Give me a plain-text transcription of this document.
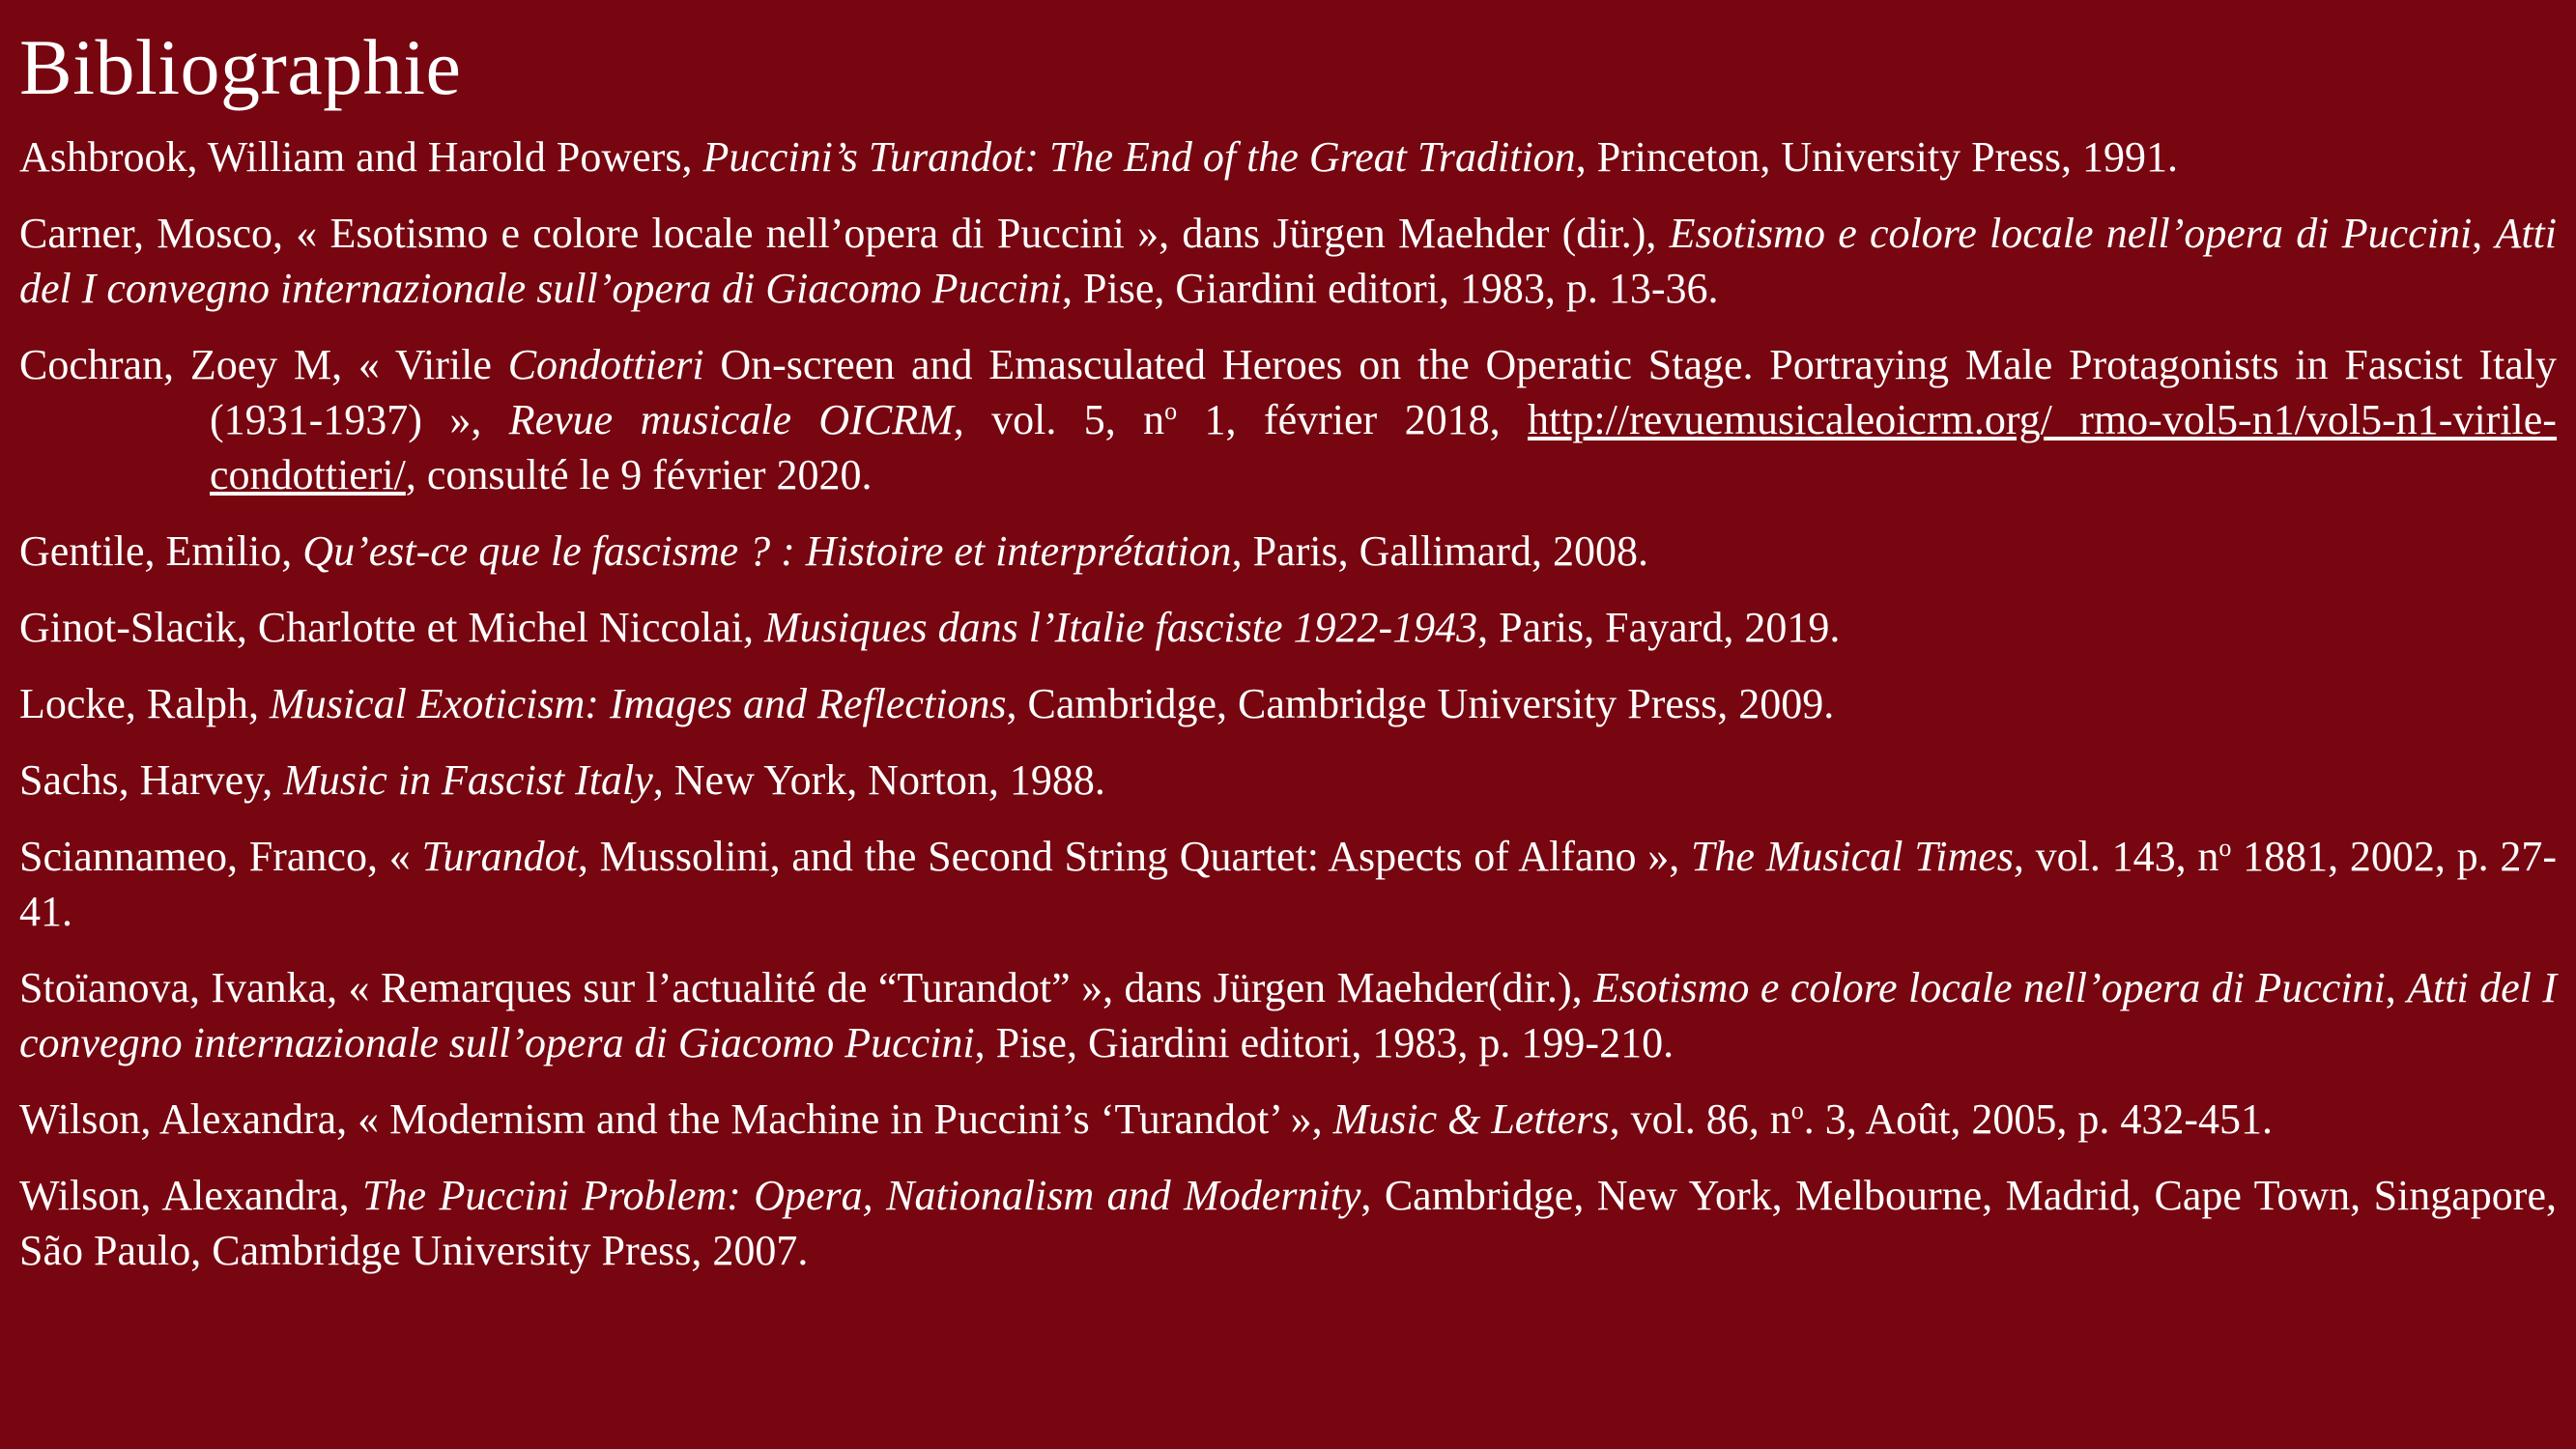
Bibliographie

Ashbrook, William and Harold Powers, Puccini’s Turandot: The End of the Great Tradition, Princeton, University Press, 1991.

Carner, Mosco, « Esotismo e colore locale nell’opera di Puccini », dans Jürgen Maehder (dir.), Esotismo e colore locale nell’opera di Puccini, Atti del I convegno internazionale sull’opera di Giacomo Puccini, Pise, Giardini editori, 1983, p. 13-36.

Cochran, Zoey M, « Virile Condottieri On-screen and Emasculated Heroes on the Operatic Stage. Portraying Male Protagonists in Fascist Italy (1931-1937) », Revue musicale OICRM, vol. 5, $n^o$ 1, février 2018, http://revuemusicaleoicrm.org/ rmo-vol5-n1/vol5-n1-virile-condottieri/, consulté le 9 février 2020.

Gentile, Emilio, Qu’est-ce que le fascisme ? : Histoire et interprétation, Paris, Gallimard, 2008.

Ginot-Slacik, Charlotte et Michel Niccolai, Musiques dans l’Italie fasciste 1922-1943, Paris, Fayard, 2019.

Locke, Ralph, Musical Exoticism: Images and Reflections, Cambridge, Cambridge University Press, 2009.

Sachs, Harvey, Music in Fascist Italy, New York, Norton, 1988.

Sciannameo, Franco, « Turandot, Mussolini, and the Second String Quartet: Aspects of Alfano », The Musical Times, vol. 143, $n^o$ 1881, 2002, p. 27-41.

Stoïanova, Ivanka, « Remarques sur l’actualité de “Turandot” », dans Jürgen Maehder(dir.), Esotismo e colore locale nell’opera di Puccini, Atti del I convegno internazionale sull’opera di Giacomo Puccini, Pise, Giardini editori, 1983, p. 199-210.

Wilson, Alexandra, « Modernism and the Machine in Puccini’s ‘Turandot’ », Music & Letters, vol. 86, $n^o$. 3, Août, 2005, p. 432-451.

Wilson, Alexandra, The Puccini Problem: Opera, Nationalism and Modernity, Cambridge, New York, Melbourne, Madrid, Cape Town, Singapore, São Paulo, Cambridge University Press, 2007.
